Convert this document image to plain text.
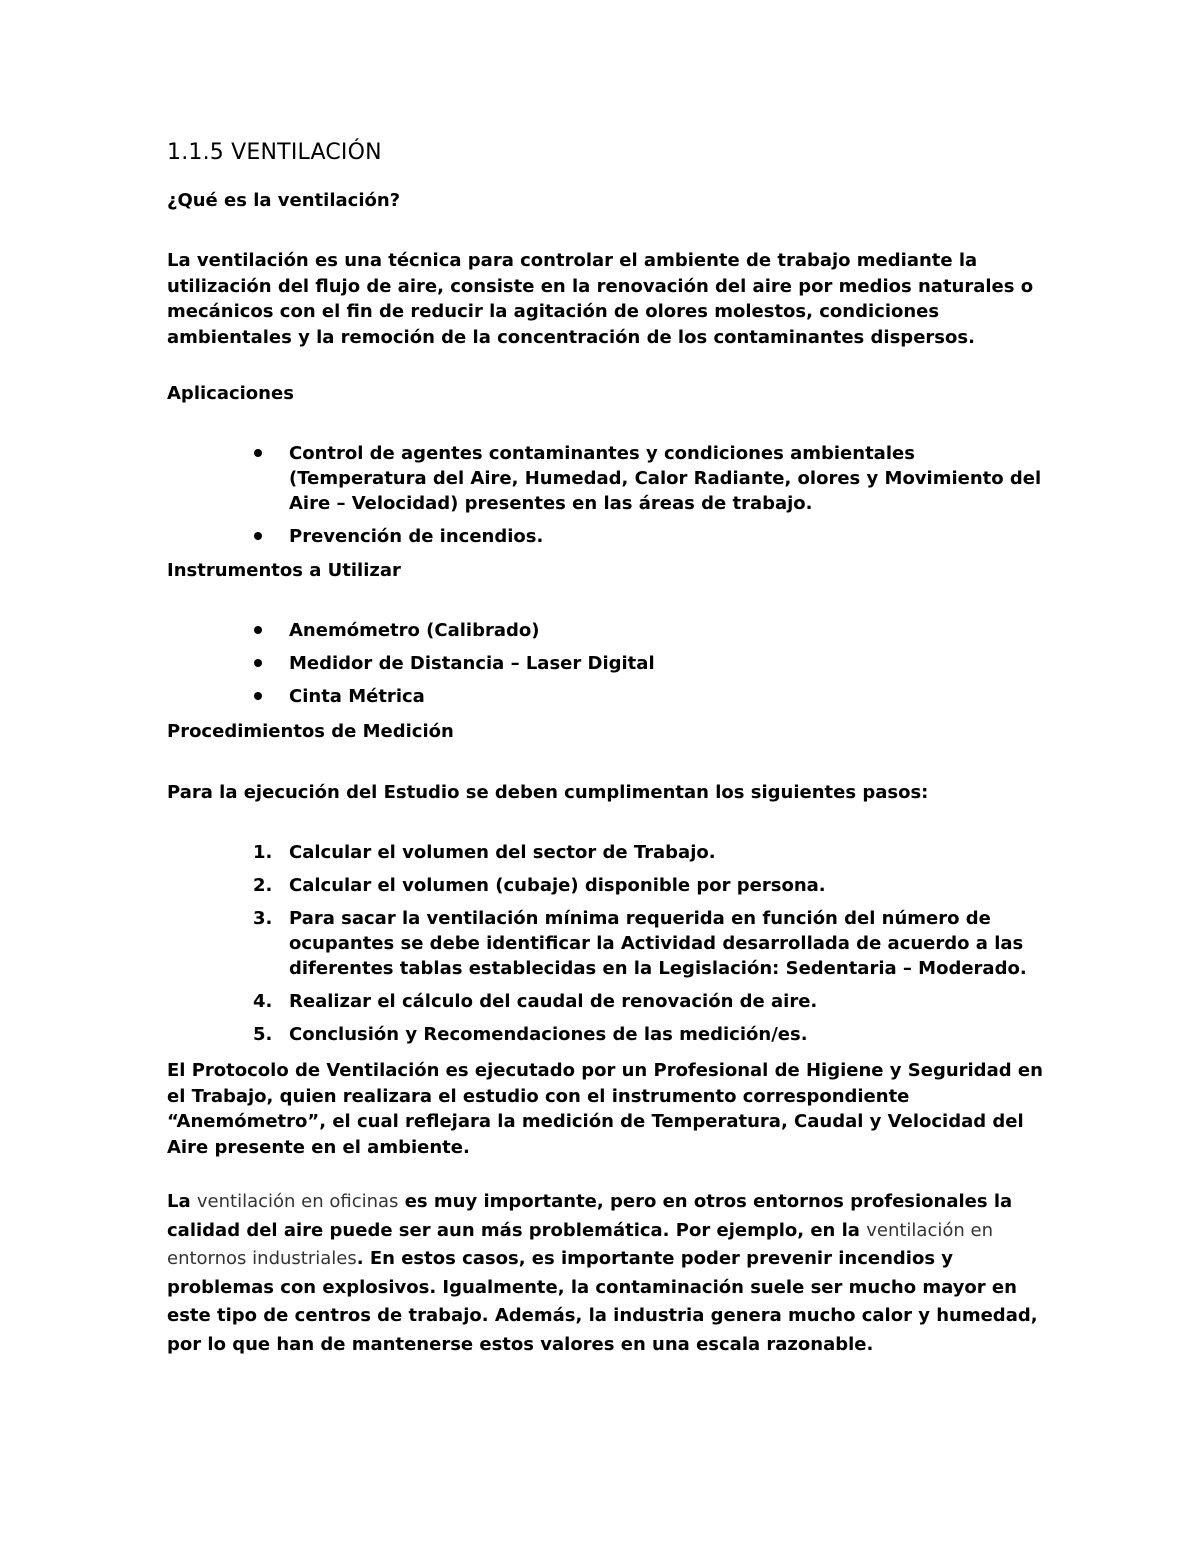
1.1.5 VENTILACIÓN
¿Qué es la ventilación?
La ventilación es una técnica para controlar el ambiente de trabajo mediante la utilización del flujo de aire, consiste en la renovación del aire por medios naturales o mecánicos con el fin de reducir la agitación de olores molestos, condiciones ambientales y la remoción de la concentración de los contaminantes dispersos.
Aplicaciones
Control de agentes contaminantes y condiciones ambientales (Temperatura del Aire, Humedad, Calor Radiante, olores y Movimiento del Aire – Velocidad) presentes en las áreas de trabajo.
Prevención de incendios.
Instrumentos a Utilizar
Anemómetro (Calibrado)
Medidor de Distancia – Laser Digital
Cinta Métrica
Procedimientos de Medición
Para la ejecución del Estudio se deben cumplimentan los siguientes pasos:
1. Calcular el volumen del sector de Trabajo.
2. Calcular el volumen (cubaje) disponible por persona.
3. Para sacar la ventilación mínima requerida en función del número de ocupantes se debe identificar la Actividad desarrollada de acuerdo a las diferentes tablas establecidas en la Legislación: Sedentaria – Moderado.
4. Realizar el cálculo del caudal de renovación de aire.
5. Conclusión y Recomendaciones de las medición/es.
El Protocolo de Ventilación es ejecutado por un Profesional de Higiene y Seguridad en el Trabajo, quien realizara el estudio con el instrumento correspondiente “Anemómetro”, el cual reflejara la medición de Temperatura, Caudal y Velocidad del Aire presente en el ambiente.
La ventilación en oficinas es muy importante, pero en otros entornos profesionales la calidad del aire puede ser aun más problemática. Por ejemplo, en la ventilación en entornos industriales. En estos casos, es importante poder prevenir incendios y problemas con explosivos. Igualmente, la contaminación suele ser mucho mayor en este tipo de centros de trabajo. Además, la industria genera mucho calor y humedad, por lo que han de mantenerse estos valores en una escala razonable.
